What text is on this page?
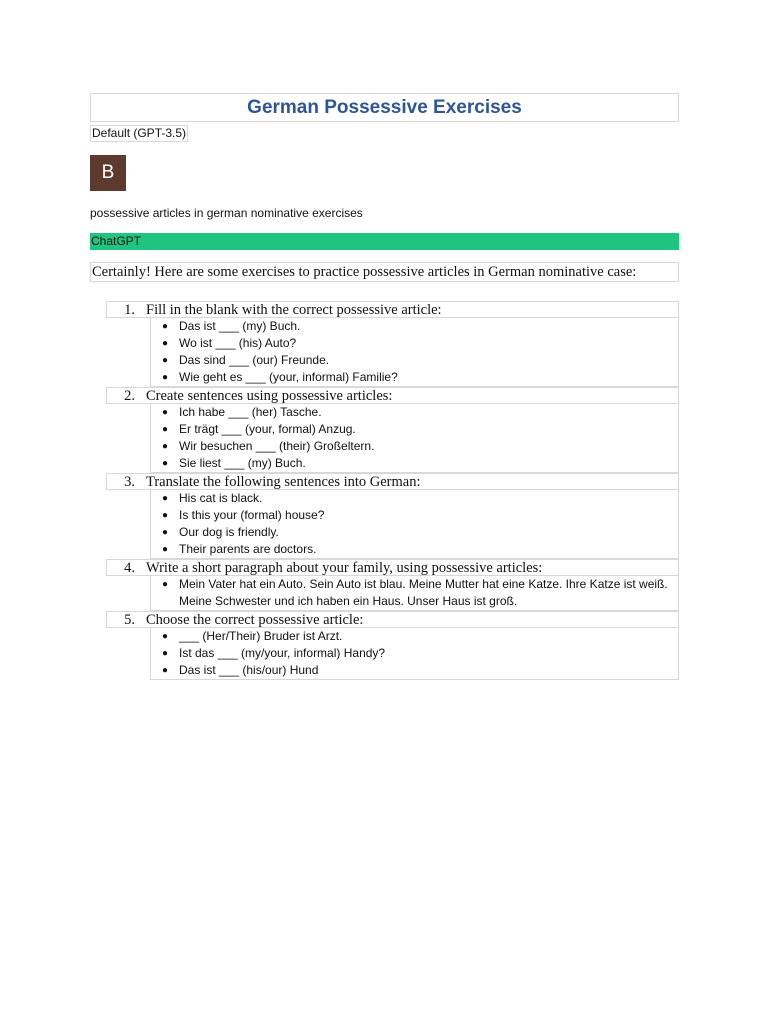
German Possessive Exercises
Default (GPT-3.5)
B
possessive articles in german nominative exercises
ChatGPT
Certainly! Here are some exercises to practice possessive articles in German nominative case:
1. Fill in the blank with the correct possessive article:
● Das ist ___ (my) Buch.
● Wo ist ___ (his) Auto?
● Das sind ___ (our) Freunde.
● Wie geht es ___ (your, informal) Familie?
2. Create sentences using possessive articles:
● Ich habe ___ (her) Tasche.
● Er trägt ___ (your, formal) Anzug.
● Wir besuchen ___ (their) Großeltern.
● Sie liest ___ (my) Buch.
3. Translate the following sentences into German:
● His cat is black.
● Is this your (formal) house?
● Our dog is friendly.
● Their parents are doctors.
4. Write a short paragraph about your family, using possessive articles:
● Mein Vater hat ein Auto. Sein Auto ist blau. Meine Mutter hat eine Katze. Ihre Katze ist weiß. Meine Schwester und ich haben ein Haus. Unser Haus ist groß.
5. Choose the correct possessive article:
● ___ (Her/Their) Bruder ist Arzt.
● Ist das ___ (my/your, informal) Handy?
● Das ist ___ (his/our) Hund
